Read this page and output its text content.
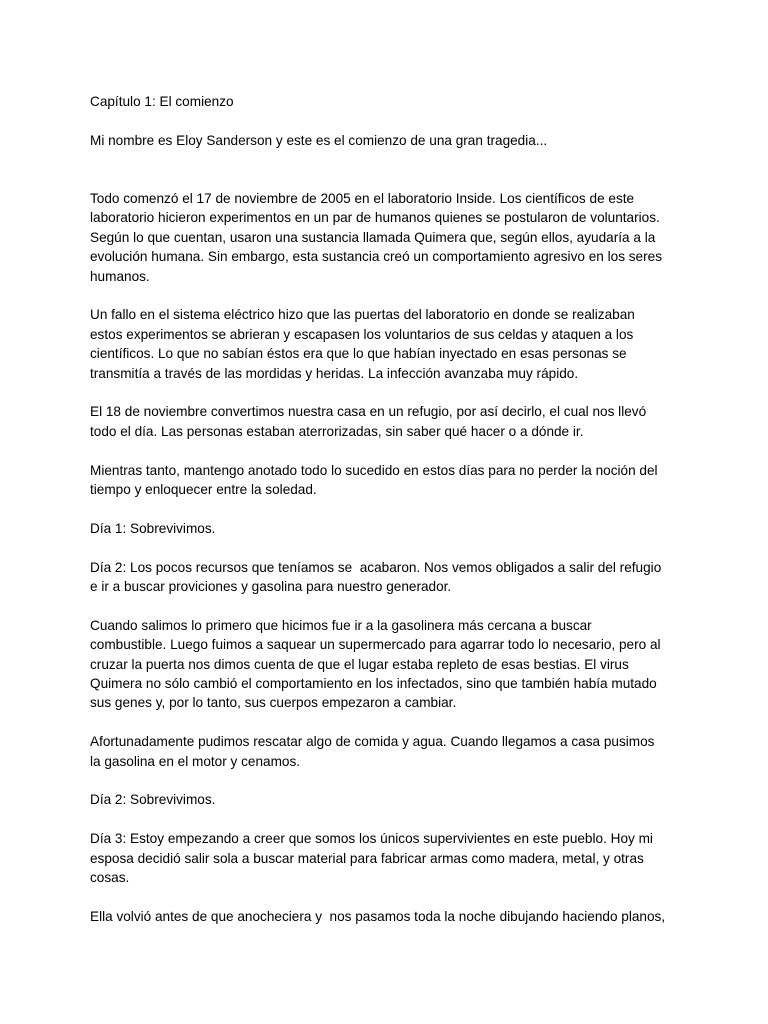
Capítulo 1: El comienzo

Mi nombre es Eloy Sanderson y este es el comienzo de una gran tragedia...

Todo comenzó el 17 de noviembre de 2005 en el laboratorio Inside. Los científicos de este
laboratorio hicieron experimentos en un par de humanos quienes se postularon de voluntarios.
Según lo que cuentan, usaron una sustancia llamada Quimera que, según ellos, ayudaría a la
evolución humana. Sin embargo, esta sustancia creó un comportamiento agresivo en los seres
humanos.

Un fallo en el sistema eléctrico hizo que las puertas del laboratorio en donde se realizaban
estos experimentos se abrieran y escapasen los voluntarios de sus celdas y ataquen a los
científicos. Lo que no sabían éstos era que lo que habían inyectado en esas personas se
transmitía a través de las mordidas y heridas. La infección avanzaba muy rápido.

El 18 de noviembre convertimos nuestra casa en un refugio, por así decirlo, el cual nos llevó
todo el día. Las personas estaban aterrorizadas, sin saber qué hacer o a dónde ir.

Mientras tanto, mantengo anotado todo lo sucedido en estos días para no perder la noción del
tiempo y enloquecer entre la soledad.

Día 1: Sobrevivimos.

Día 2: Los pocos recursos que teníamos se  acabaron. Nos vemos obligados a salir del refugio
e ir a buscar proviciones y gasolina para nuestro generador.

Cuando salimos lo primero que hicimos fue ir a la gasolinera más cercana a buscar
combustible. Luego fuimos a saquear un supermercado para agarrar todo lo necesario, pero al
cruzar la puerta nos dimos cuenta de que el lugar estaba repleto de esas bestias. El virus
Quimera no sólo cambió el comportamiento en los infectados, sino que también había mutado
sus genes y, por lo tanto, sus cuerpos empezaron a cambiar.

Afortunadamente pudimos rescatar algo de comida y agua. Cuando llegamos a casa pusimos
la gasolina en el motor y cenamos.

Día 2: Sobrevivimos.

Día 3: Estoy empezando a creer que somos los únicos supervivientes en este pueblo. Hoy mi
esposa decidió salir sola a buscar material para fabricar armas como madera, metal, y otras
cosas.

Ella volvió antes de que anocheciera y  nos pasamos toda la noche dibujando haciendo planos,
